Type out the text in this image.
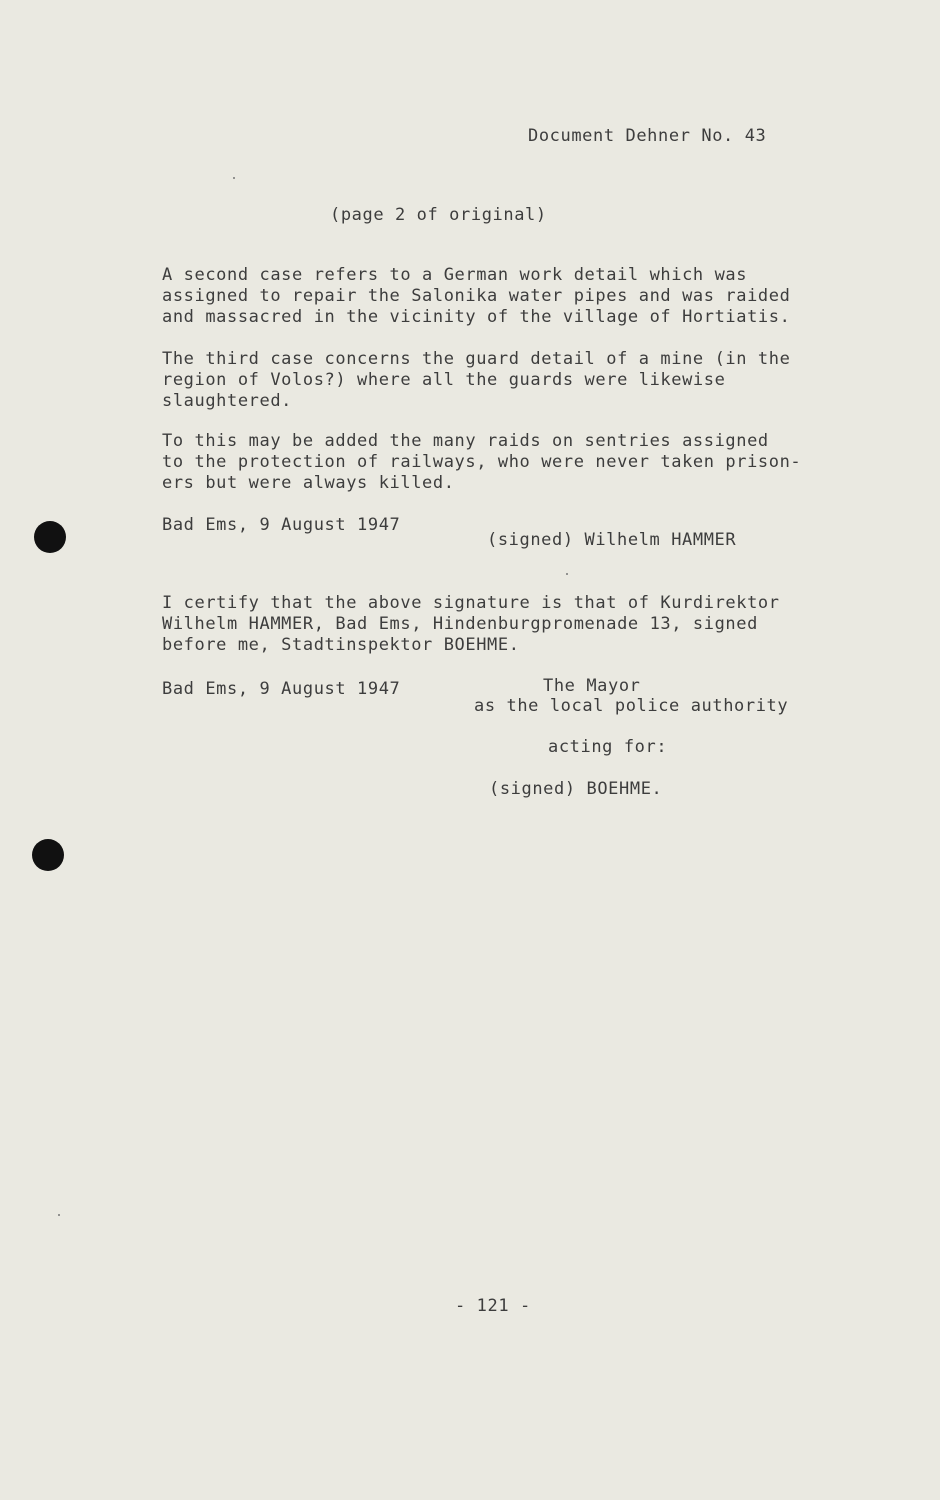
Document Dehner No. 43
(page 2 of original)
A second case refers to a German work detail which was
assigned to repair the Salonika water pipes and was raided
and massacred in the vicinity of the village of Hortiatis.
The third case concerns the guard detail of a mine (in the
region of Volos?) where all the guards were likewise
slaughtered.
To this may be added the many raids on sentries assigned
to the protection of railways, who were never taken prison-
ers but were always killed.
Bad Ems, 9 August 1947
(signed) Wilhelm HAMMER
I certify that the above signature is that of Kurdirektor
Wilhelm HAMMER, Bad Ems, Hindenburgpromenade 13, signed
before me, Stadtinspektor BOEHME.
Bad Ems, 9 August 1947	The Mayor
as the local police authority
acting for:
(signed) BOEHME.
- 121 -
